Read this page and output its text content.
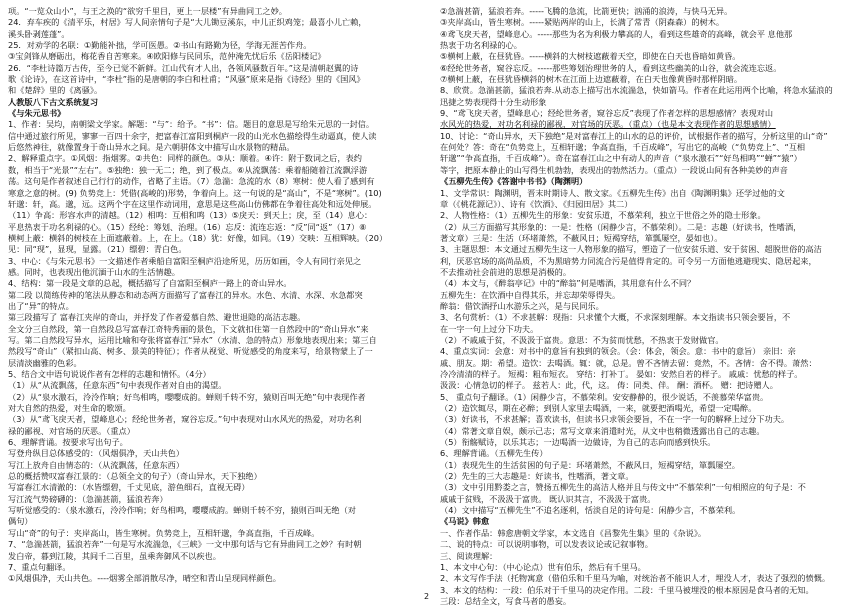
项。“一览众山小”，与王之涣的“欲穷千里目，更上一层楼”有异曲同工之妙。

24．弃车疾的《清平乐，村居》写人间亲情句子是“大儿锄豆溪东，中儿正织鸡笼；最喜小儿亡赖，

溪头卧剥莲蓬”。

25．对劝学的名联：①勤能补拙，学可医愚。②书山有路勤为径，学海无涯苦作舟。

③宝剑锋从磨砺出，梅花香自苦寒来。④欧阳修与民同乐，范仲淹先忧后乐《岳阳楼记》

26．“李杜诗篇万古传，至今已觉不新鲜。江山代有才人出，各领风骚数百年。”这是清朝赵翼的诗

歌《论诗》，在这首诗中，“李杜”指的是唐朝的李白和杜甫；“风骚”原来是指《诗经》里的《国风》

和《楚辞》里的《离骚》。

人教版八下古文系统复习

《与朱元思书》

1、作者：吴均，南朝梁文学家。解题：“与”：给予。“书”：信。题目的意思是写给朱元思的一封信。

信中通过旅行所见，寥寥一百四十余字，把富春江富阳到桐庐一段的山光水色描绘得生动逼真，使人读

后悠然神往，就像置身于奇山异水之间。是六朝骈体文中描写山水景物的精品。

2、解释重点字。①风烟：指烟雾。②共色：同样的颜色。③从：顺着。④许：附于数词之后，表约

数，相当于“光景”“左右”。⑤独绝：独一无二；绝，到了极点。⑥从流飘荡：乘着船随着江流飘浮游

荡。这句是作者叙述自己行行的动作，省略了主语。（7）急湍：急流的水（8）寒树：使人看了感到有

寒意之意的树。(9) 负势竞上：凭借(高峻的)形势，争着向上。这一句说的是“高山”，不是“寒树”。(10)

轩邈：轩，高。邈，远。这两个字在这里作动词用，意思是这些高山仿佛都在争着往高处和远处伸展。

（11）争高：形容水声的清越。（12）相鸣：互相和鸣（13）⑤戾天：到天上；戾，至（14）息心：

平息热衷于功名利禄的心。（15）经纶：筹划、治理。（16）忘反：流连忘返：“反”同“返”（17）⑧

横柯上蔽：横斜的树枝在上面遮蔽着。上，在上。（18）犹：好像，如同。（19）交映：互相辉映。（20）

见：同“现”，显现，显露。（21）缥碧：青白色。

3、中心：《与朱元思书》一文描述作者乘船自富阳至桐庐沿途所见，历历如画，令人有同行亲见之

感。同时，也表现出他沉湎于山水的生活情趣。

4、结构：第一段是文章的总起，概括描写了自富阳至桐庐一路上的奇山异水。

第二段 以简练传神的笔法从静态和动态两方面描写了富春江的异水。水色、水清、水深、水急都突

出了“异”的特点。

第三段描写了 富春江夹岸的奇山，并抒发了作者爱慕自然、避世退隐的高洁志趣。

全文分三自然段，第一自然段总写富春江奇特秀丽的景色，下文就扣住第一自然段中的“奇山异水”来

写。第二自然段写异水，运用比喻和夸张将富春江“异水”（水清、急的特点）形象地表现出来；第三自

然段写“奇山”（紧扣山高、树多、景美的特征）；作者从视觉、听觉感受的角度来写，给景物蒙上了一

层清淡幽雅的色彩。

5、结合文中语句说说作者有怎样的志趣和情怀。（4分）

（1）从“从流飘荡，任意东西”句中表现作者对自由的渴望。

（2）从“泉水激石，泠泠作响；好鸟相鸣，嘤嘤成韵。蝉则千转不穷，猿则百叫无绝”句中表现作者

对大自然的热爱，对生命的歌颂。

（3）从“鸢飞戾天者，望峰息心；经纶世务者，窥谷忘反。”句中表现对山水风光的热爱，对功名利

禄的鄙视、对官场的厌恶。（重点）

6、理解背诵。按要求写出句子。

写登舟纵目总体感受的：（风烟俱净，天山共色）

写江上放舟自由情态的：（从流飘荡，任意东西）

总的概括赞叹富春江景的：（总领全文的句子）（奇山异水，天下独绝）

写富春江水清澈的：（水皆缥碧，千丈见底，游鱼细石，直视无碍）

写江流气势磅礴的：（急湍甚箭，猛浪若奔）

写听觉感受的：（泉水激石，泠泠作响；好鸟相鸣，嘤嘤成韵。蝉则千转不穷，猿则百叫无绝（对

偶句）

写山“奇”的句子：夹岸高山，皆生寒树。负势竞上，互相轩邈，争高直指，千百成峰。

7、“急湍甚箭，猛浪若奔”一句是写水流湍急，《三峡》一文中那句话与它有异曲同工之妙？有时朝

发白帝，暮到江陵，其间千二百里，虽乘奔御风不以疾也。

7、重点句翻译。

①风烟俱净，天山共色。----烟雾全部消散尽净，晴空和青山呈现同样颜色。

②急湍甚箭，猛浪若奔。-----飞腾的急流，比箭更快；汹涌的浪涛，与快马无异。

③夹岸高山，皆生寒树。-----紧贴两岸的山上，长满了常青（阴森森）的树木。

④鸢飞戾天者，望峰息心。-----那些为名为利极力攀高的人，看到这些雄奇的高峰，就会平 息他那

热衷于功名利禄的心。

⑤横柯上蔽，在昼犹昏。-----横斜的大树枝遮蔽着天空，即使在白天也昏暗如黄昏。

⑥经纶世务者，窥谷忘反。-----那些筹划治理世务的人，看到这些幽美的山谷，就会流连忘返。

⑦横柯上蔽，在昼犹昏横斜的树木在江面上边遮蔽着，在白天也像黄昏时那样阴暗。

8、欣赏。急湍甚箭，猛浪若奔.从动态上描写出水流湍急，快如箭马。作者在此运用两个比喻，将急水猛浪的

迅捷之势表现得十分生动形象

9、“鸢飞戾天者，望峰息心；经纶世务者，窥谷忘反”表现了作者怎样的思想感情？表现对山

水风光的热爱，对功名利禄的鄙视，对官场的厌恶。（重点）（也是本文表现作者的思想感情）

10、讨论：“奇山异水，天下独绝”是对富春江上的山水的总的评价，试根据作者的描写，分析这里的山“奇”

在何处？答：奇在“负势竞上，互相轩邈；争高直指，千百成峰”，写出它的高峻（“负势竞上”、“互相

轩邈”“争高直指，千百成峰”）。奇在富春江山之中有动人的声音（“泉水激石”“好鸟相鸣”“蝉”“猿”）

等字，把原本静止的山写得生机勃勃，表现出的勃然活力。（重点）一段说山间有各种美妙的声音

《五柳先生传》《答谢中书书》（陶渊明）

1、文学常识：陶渊明，晋末时期诗人、散文家。《五柳先生传》出自《陶渊明集》还学过他的文

章（《桃花源记》）、诗有《饮酒》、《归园田居》其二）

2、人物性格：（1）五柳先生的形象：安贫乐道，不慕荣利，独立于世俗之外的隐士形象。

（2）从三方面描写其形象的：一是：性格（闲静少言，不慕荣利）。二是：志趣（好读书，性嗜酒，

著文章）三是：生活（环堵萧然，不蔽风日；短褐穿结，箪瓢屡空，晏如也）。

3、主题思想：本文通过五柳先生这一人物形象的描写，塑造了一位安贫乐道、安于贫困、超脱世俗的高洁

利，厌恶官场的高尚品质，不为黑暗势力同流合污是值得肯定的。可令另一方面他逃避现实、隐居起来，

不去推动社会前进的思想是消极的。

（4）本文与，《醉翁亭记》中的“醉翁”何是嗜酒，其用意有什么不同？

五柳先生：在饮酒中自得其乐，并忘却荣辱得失。

醉翁：借饮酒抒山水游乐之兴，是与民同乐。

3、名句赏析：（1）不求甚解：现指：只求懂个大概，不求深刻理解。本文指读书只领会要旨，不

在一字一句上过分下功夫。

（2）不戚戚于贫，不汲汲于富贵。意思：不为贫而忧愁，不热衷于发财做官。

4、重点实词：会意：对书中的意旨有独到的领会。（会：体会，领会。意：书中的意旨） 亲旧：亲

戚、朋友。期：希望。造饮：去喝酒。辄：就，总是。曾不吝情去留：竟然，不。吝情：舍不得。萧然：

冷冷清清的样子。 短褐：粗布短衣。 穿结：打补丁。 晏如：安然自若的样子。 戚戚：忧愁的样子。

汲汲：心情急切的样子。 兹若人：此，代，这。 俦：同类、伴。 酬：酒杯。 赠：把诗赠人。

5、 重点句子翻译。（1）闲静少言，不慕荣利。安安静静的，很少说话，不羡慕荣华富贵。

（2）造饮辄尽，期在必醉；到别人家里去喝酒，一来，就要把酒喝光，希望一定喝醉。

（3）好读书，不求甚解；喜欢读书，但读书只求领会要旨，不在一字一句的解释上过分下功夫。

（4）常著文章自娱，颇示己志；常写文章来消遣时光，从文中也稍微透露出自己的志趣。

（5）衔觞赋诗，以乐其志；一边喝酒一边做诗，为自己的志向而感到快乐。

6、理解背诵。（五柳先生传）

（1）表现先生的生活贫困的句子是：环堵萧然，不蔽风日，短褐穿结，箪瓢屡空。

（2）先生的三大志趣是：好读书，性嗜酒，著文章。

（3）文中引用黔娄之言，赞扬五柳先生的高洁人格并且与传文中“不慕荣利”一句相照应的句子是：不

戚戚于贫贱，不汲汲于富贵。 既认识其言，不汲汲于富贵。

（4）文中描写“五柳先生”不追名逐利，恬淡自足的诗句是：闲静少言，不慕荣利。

《马说》韩愈

一、作者作品：韩愈唐朝文学家，本文选自《昌黎先生集》里的《杂说》。

二、说的特点：可以说明事物，可以发表议论或记叙事物。

三、阅读理解：

1、本文中心句：（中心论点）世有伯乐，然后有千里马。

2、本文写作手法（托物寓意（借伯乐和千里马为喻，对统治者不能识人才，埋没人才，表达了强烈的愤慨。

3、本文的结构：一段：伯乐对于千里马的决定作用。二段：千里马被埋没的根本原因是食马者的无知。

三段：总结全文，写食马者的愚妄。

2
